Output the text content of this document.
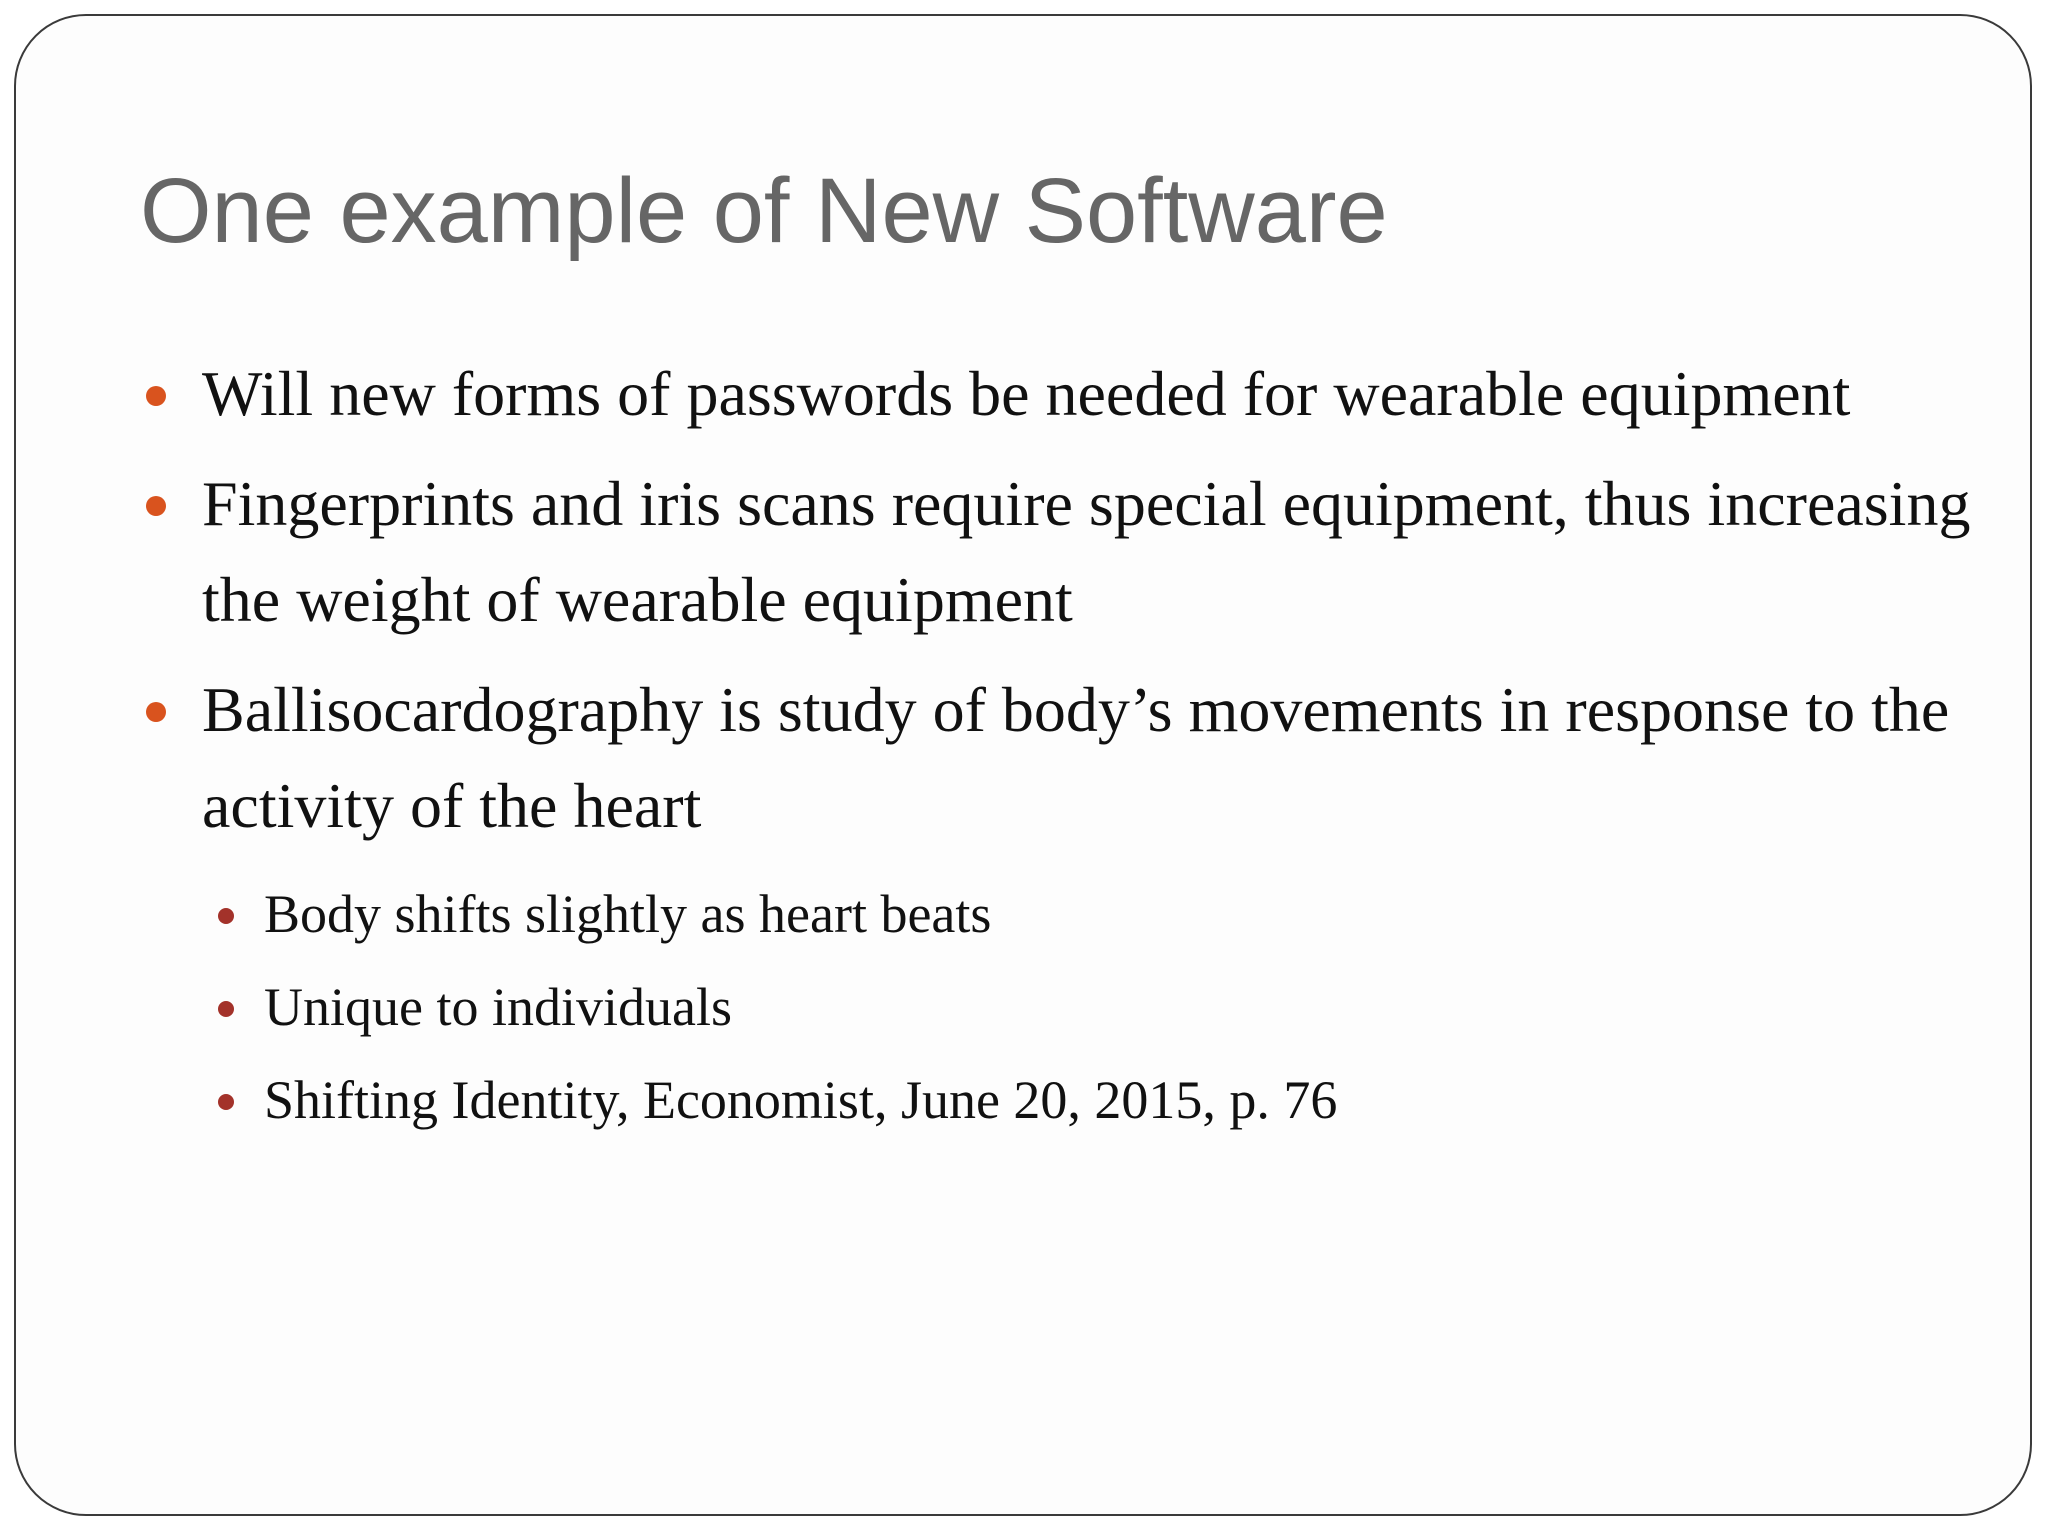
One example of New Software
Will new forms of passwords be needed for wearable equipment
Fingerprints and iris scans require special equipment, thus increasing the weight of wearable equipment
Ballisocardography is study of body’s movements in response to the activity of the heart
Body shifts slightly as heart beats
Unique to individuals
Shifting Identity, Economist, June 20, 2015, p. 76
